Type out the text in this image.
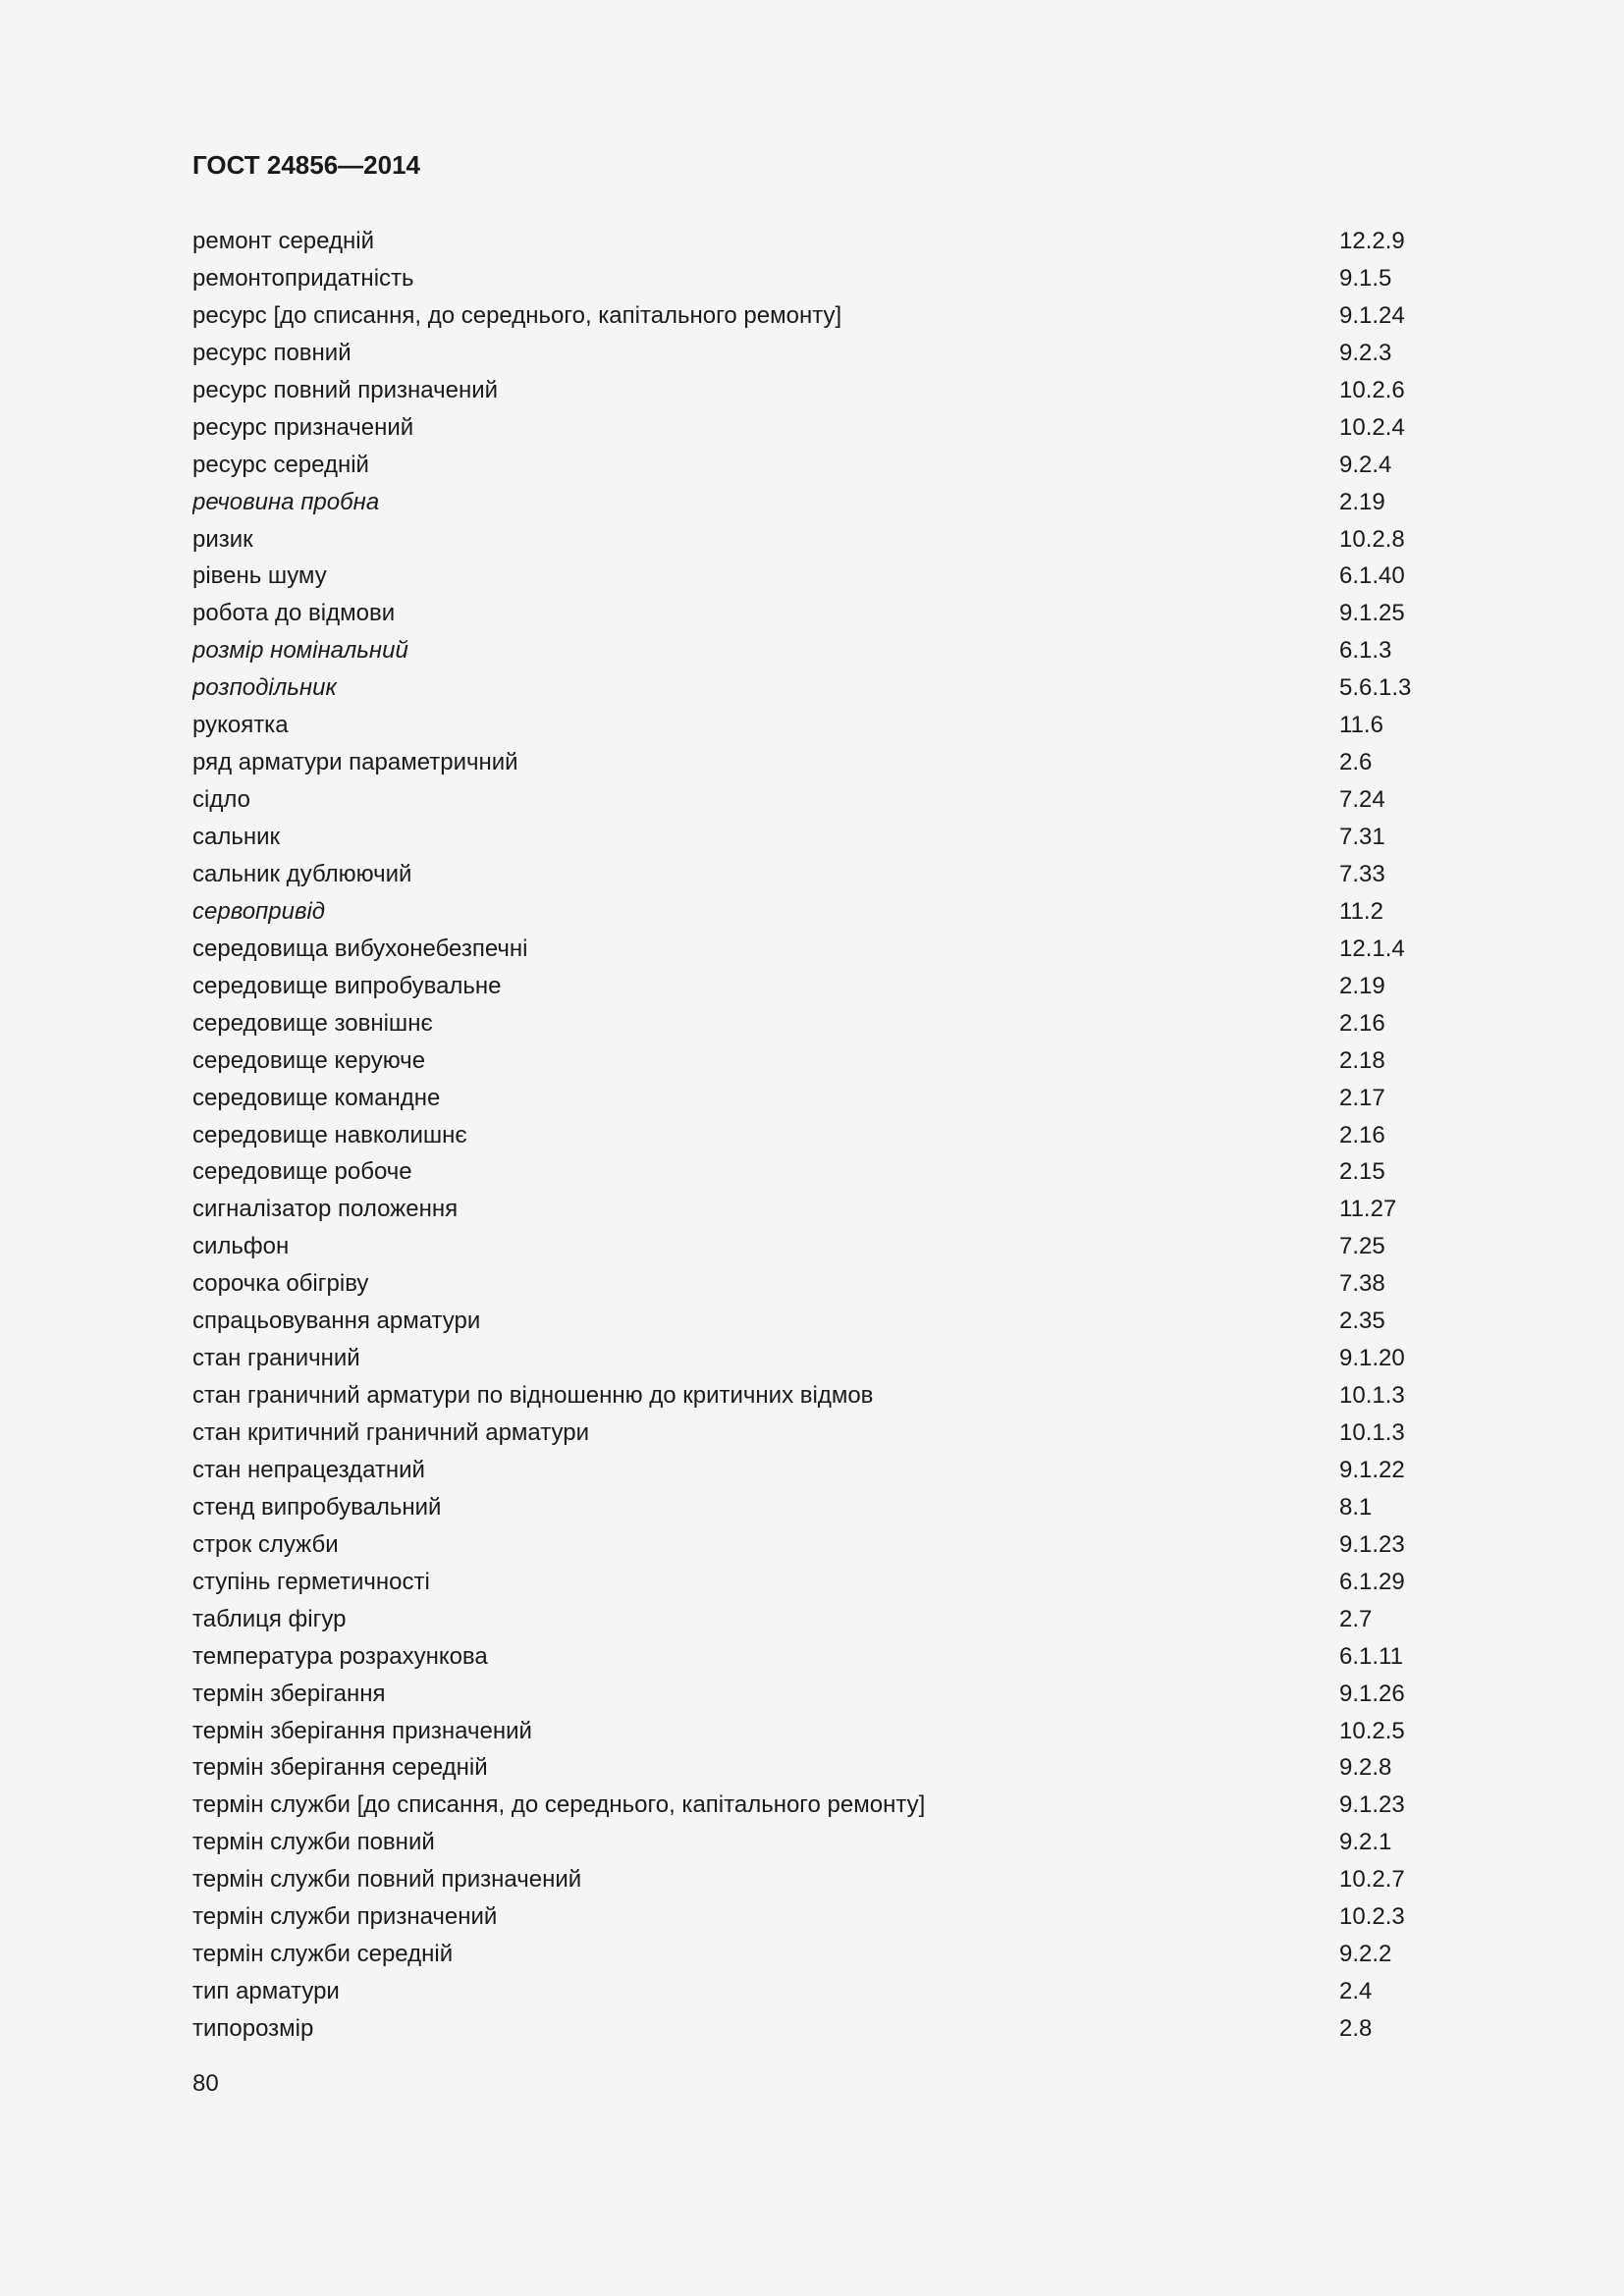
ГОСТ 24856—2014
ремонт середній	12.2.9
ремонтопридатність	9.1.5
ресурс [до списання, до середнього, капітального ремонту]	9.1.24
ресурс повний	9.2.3
ресурс повний призначений	10.2.6
ресурс призначений	10.2.4
ресурс середній	9.2.4
речовина пробна	2.19
ризик	10.2.8
рівень шуму	6.1.40
робота до відмови	9.1.25
розмір номінальний	6.1.3
розподільник	5.6.1.3
рукоятка	11.6
ряд арматури параметричний	2.6
сідло	7.24
сальник	7.31
сальник дублюючий	7.33
сервопривід	11.2
середовища вибухонебезпечні	12.1.4
середовище випробувальне	2.19
середовище зовнішнє	2.16
середовище керуюче	2.18
середовище командне	2.17
середовище навколишнє	2.16
середовище робоче	2.15
сигналізатор положення	11.27
сильфон	7.25
сорочка обігріву	7.38
спрацьовування арматури	2.35
стан граничний	9.1.20
стан граничний арматури по відношенню до критичних відмов	10.1.3
стан критичний граничний арматури	10.1.3
стан непрацездатний	9.1.22
стенд випробувальний	8.1
строк служби	9.1.23
ступінь герметичності	6.1.29
таблиця фігур	2.7
температура розрахункова	6.1.11
термін зберігання	9.1.26
термін зберігання призначений	10.2.5
термін зберігання середній	9.2.8
термін служби [до списання, до середнього, капітального ремонту]	9.1.23
термін служби повний	9.2.1
термін служби повний призначений	10.2.7
термін служби призначений	10.2.3
термін служби середній	9.2.2
тип арматури	2.4
типорозмір	2.8
80
